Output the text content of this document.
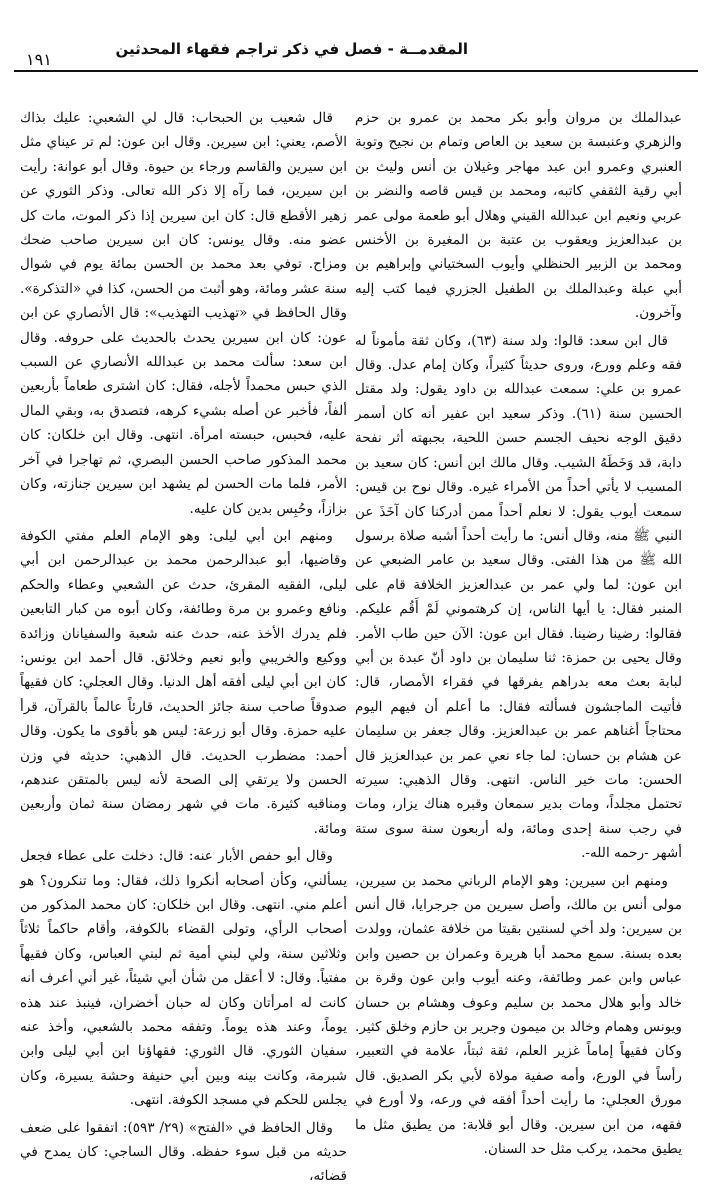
المقدمــة - فصل في ذكر تراجم فقهاء المحدثين
١٩١

عبدالملك بن مروان وأبو بكر محمد بن عمرو بن حزم والزهري وعنبسة بن سعيد بن العاص وتمام بن نجيح وتوبة العنبري وعمرو ابن عبد مهاجر وغيلان بن أنس وليث بن أبي رقية الثقفي كاتبه، ومحمد بن قيس قاصه والنضر بن عربي ونعيم ابن عبدالله القيني وهلال أبو طعمة مولى عمر بن عبدالعزيز ويعقوب بن عتبة بن المغيرة بن الأخنس ومحمد بن الزبير الحنظلي وأيوب السختياني وإبراهيم بن أبي عبلة وعبدالملك بن الطفيل الجزري فيما كتب إليه وآخرون.

قال ابن سعد: قالوا: ولد سنة (٦٣)، وكان ثقة مأموناً له فقه وعلم وورع، وروى حديثاً كثيراً، وكان إمام عدل. وقال عمرو بن علي: سمعت عبدالله بن داود يقول: ولد مقتل الحسين سنة (٦١). وذكر سعيد ابن عفير أنه كان أسمر دقيق الوجه نحيف الجسم حسن اللحية، بجبهته أثر نفحة دابة، قد وَخَطَهُ الشيب. وقال مالك ابن أنس: كان سعيد بن المسيب لا يأتي أحداً من الأمراء غيره. وقال نوح بن قيس: سمعت أيوب يقول: لا نعلم أحداً ممن أدركنا كان آخَذَ عن النبي ﷺ منه، وقال أنس: ما رأيت أحداً أشبه صلاة برسول الله ﷺ من هذا الفتى. وقال سعيد بن عامر الضبعي عن ابن عون: لما ولي عمر بن عبدالعزيز الخلافة قام على المنبر فقال: يا أيها الناس، إن كرهتموني لَمْ أَقُم عليكم. فقالوا: رضينا رضينا. فقال ابن عون: الآن حين طاب الأمر. وقال يحيى بن حمزة: ثنا سليمان بن داود أنّ عبدة بن أبي لبابة بعث معه بدراهم يفرقها في فقراء الأمصار، قال: فأتيت الماجشون فسألته فقال: ما أعلم أن فيهم اليوم محتاجاً أغناهم عمر بن عبدالعزيز. وقال جعفر بن سليمان عن هشام بن حسان: لما جاء نعي عمر بن عبدالعزيز قال الحسن: مات خير الناس. انتهى. وقال الذهبي: سيرته تحتمل مجلداً، ومات بدير سمعان وقبره هناك يزار، ومات في رجب سنة إحدى ومائة، وله أربعون سنة سوى ستة أشهر -رحمه الله-.

ومنهم ابن سيرين: وهو الإمام الرباني محمد بن سيرين، مولى أنس بن مالك، وأصل سيرين من جرجرايا، قال أنس بن سيرين: ولد أخي لسنتين بقيتا من خلافة عثمان، وولدت بعده بسنة. سمع محمد أبا هريرة وعمران بن حصين وابن عباس وابن عمر وطائفة، وعنه أيوب وابن عون وقرة بن خالد وأبو هلال محمد بن سليم وعوف وهشام بن حسان ويونس وهمام وخالد بن ميمون وجرير بن حازم وخلق كثير. وكان فقيهاً إماماً غزير العلم، ثقة ثبتاً، علامة في التعبير، رأساً في الورع، وأمه صفية مولاة لأبي بكر الصديق. قال مورق العجلي: ما رأيت أحداً أفقه في ورعه، ولا أورع في فقهه، من ابن سيرين. وقال أبو قلابة: من يطيق مثل ما يطيق محمد، يركب مثل حد السنان.

قال شعيب بن الحبحاب: قال لي الشعبي: عليك بذاك الأصم، يعني: ابن سيرين. وقال ابن عون: لم تر عيناي مثل ابن سيرين والقاسم ورجاء بن حيوة. وقال أبو عوانة: رأيت ابن سيرين، فما رآه إلا ذكر الله تعالى. وذكر الثوري عن زهير الأقطع قال: كان ابن سيرين إذا ذكر الموت، مات كل عضو منه. وقال يونس: كان ابن سيرين صاحب ضحك ومزاح. توفي بعد محمد بن الحسن بمائة يوم في شوال سنة عشر ومائة، وهو أثبت من الحسن، كذا في «التذكرة». وقال الحافظ في «تهذيب التهذيب»: قال الأنصاري عن ابن عون: كان ابن سيرين يحدث بالحديث على حروفه. وقال ابن سعد: سألت محمد بن عبدالله الأنصاري عن السبب الذي حبس محمداً لأجله، فقال: كان اشترى طعاماً بأربعين ألفاً، فأخبر عن أصله بشيء كرهه، فتصدق به، وبقي المال عليه، فحبس، حبسته امرأة. انتهى. وقال ابن خلكان: كان محمد المذكور صاحب الحسن البصري، ثم تهاجرا في آخر الأمر، فلما مات الحسن لم يشهد ابن سيرين جنازته، وكان بزازاً، وحُبِس بدين كان عليه.

ومنهم ابن أبي ليلى: وهو الإمام العلم مفتي الكوفة وقاضيها، أبو عبدالرحمن محمد بن عبدالرحمن ابن أبي ليلى، الفقيه المقرئ، حدث عن الشعبي وعطاء والحكم ونافع وعمرو بن مرة وطائفة، وكان أبوه من كبار التابعين فلم يدرك الأخذ عنه، حدث عنه شعبة والسفيانان وزائدة ووكيع والخريبي وأبو نعيم وخلائق. قال أحمد ابن يونس: كان ابن أبي ليلى أفقه أهل الدنيا. وقال العجلي: كان فقيهاً صدوقاً صاحب سنة جائز الحديث، قارئاً عالماً بالقرآن، قرأ عليه حمزة. وقال أبو زرعة: ليس هو بأقوى ما يكون. وقال أحمد: مضطرب الحديث. قال الذهبي: حديثه في وزن الحسن ولا يرتقي إلى الصحة لأنه ليس بالمتقن عندهم، ومناقبه كثيرة. مات في شهر رمضان سنة ثمان وأربعين ومائة.

وقال أبو حفص الأبار عنه: قال: دخلت على عطاء فجعل يسألني، وكأن أصحابه أنكروا ذلك، فقال: وما تنكرون؟ هو أعلم مني. انتهى. وقال ابن خلكان: كان محمد المذكور من أصحاب الرأي، وتولى القضاء بالكوفة، وأقام حاكماً ثلاثاً وثلاثين سنة، ولي لبني أمية ثم لبني العباس، وكان فقيهاً مفتياً. وقال: لا أعقل من شأن أبي شيئاً، غير أني أعرف أنه كانت له امرأتان وكان له حبان أخضران، فينبذ عند هذه يوماً، وعند هذه يوماً. وتفقه محمد بالشعبي، وأخذ عنه سفيان الثوري. قال الثوري: فقهاؤنا ابن أبي ليلى وابن شبرمة، وكانت بينه وبين أبي حنيفة وحشة يسيرة، وكان يجلس للحكم في مسجد الكوفة. انتهى.

وقال الحافظ في «الفتح» (٢٩/ ٥٩٣): اتفقوا على ضعف حديثه من قبل سوء حفظه. وقال الساجي: كان يمدح في قضائه،
